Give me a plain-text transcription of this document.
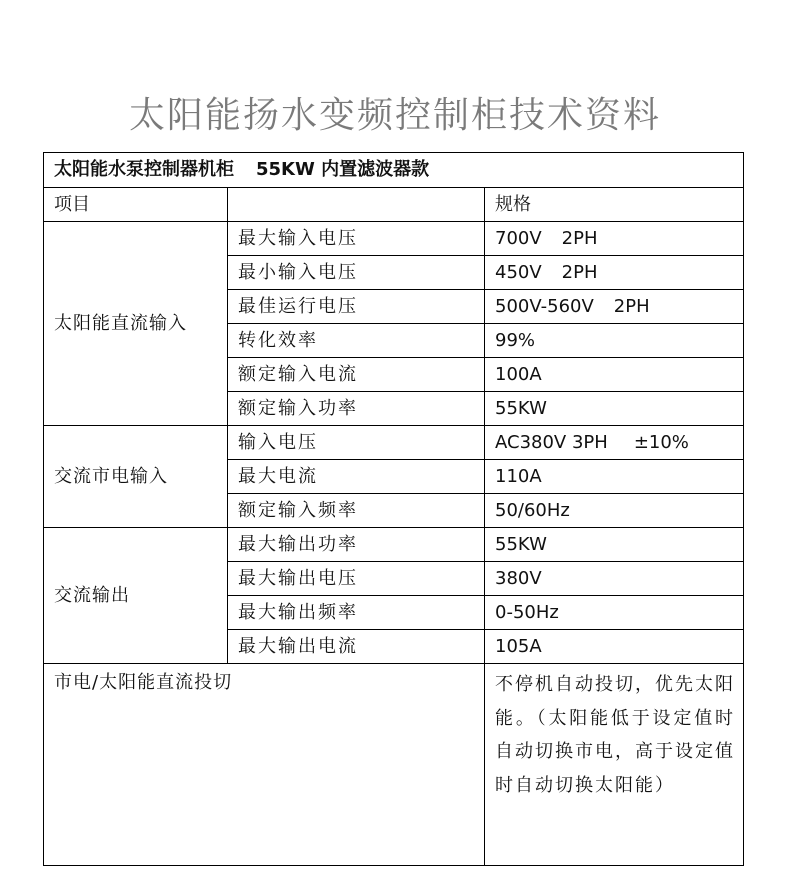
太阳能扬水变频控制柜技术资料
太阳能水泵控制器机柜 55KW 内置滤波器款		
项目		规格
太阳能直流输入	最大输入电压	700V 2PH
	最小输入电压	450V 2PH
	最佳运行电压	500V-560V 2PH
	转化效率	99%
	额定输入电流	100A
	额定输入功率	55KW
交流市电输入	输入电压	AC380V 3PH ±10%
	最大电流	110A
	额定输入频率	50/60Hz
交流输出	最大输出功率	55KW
	最大输出电压	380V
	最大输出频率	0-50Hz
	最大输出电流	105A
市电/太阳能直流投切		不停机自动投切，优先太阳能。（太阳能低于设定值时自动切换市电，高于设定值时自动切换太阳能）
